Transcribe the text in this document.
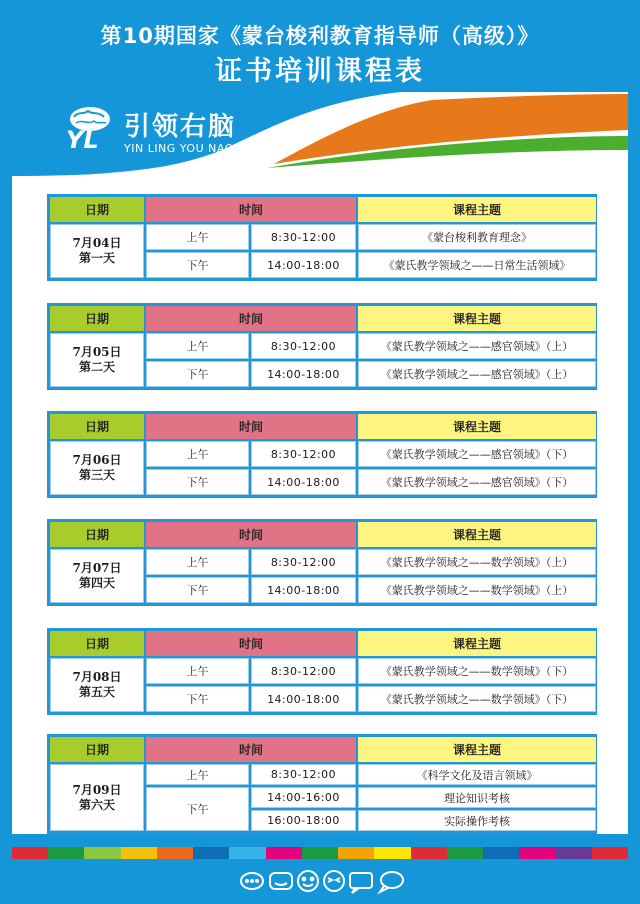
第10期国家《蒙台梭利教育指导师（高级）》
证书培训课程表
YL 引领右脑
YIN LING YOU NAO
日期	时间	课程主题
7月04日
第一天
上午	8:30-12:00	《蒙台梭利教育理念》
下午	14:00-18:00	《蒙氏教学领域之——日常生活领域》
日期	时间	课程主题
7月05日
第二天
上午	8:30-12:00	《蒙氏教学领域之——感官领域》（上）
下午	14:00-18:00	《蒙氏教学领域之——感官领域》（上）
日期	时间	课程主题
7月06日
第三天
上午	8:30-12:00	《蒙氏教学领域之——感官领域》（下）
下午	14:00-18:00	《蒙氏教学领域之——感官领域》（下）
日期	时间	课程主题
7月07日
第四天
上午	8:30-12:00	《蒙氏教学领域之——数学领域》（上）
下午	14:00-18:00	《蒙氏教学领域之——数学领域》（上）
日期	时间	课程主题
7月08日
第五天
上午	8:30-12:00	《蒙氏教学领域之——数学领域》（下）
下午	14:00-18:00	《蒙氏教学领域之——数学领域》（下）
日期	时间	课程主题
7月09日
第六天
上午	8:30-12:00	《科学文化及语言领域》
下午
14:00-16:00	理论知识考核
16:00-18:00	实际操作考核
